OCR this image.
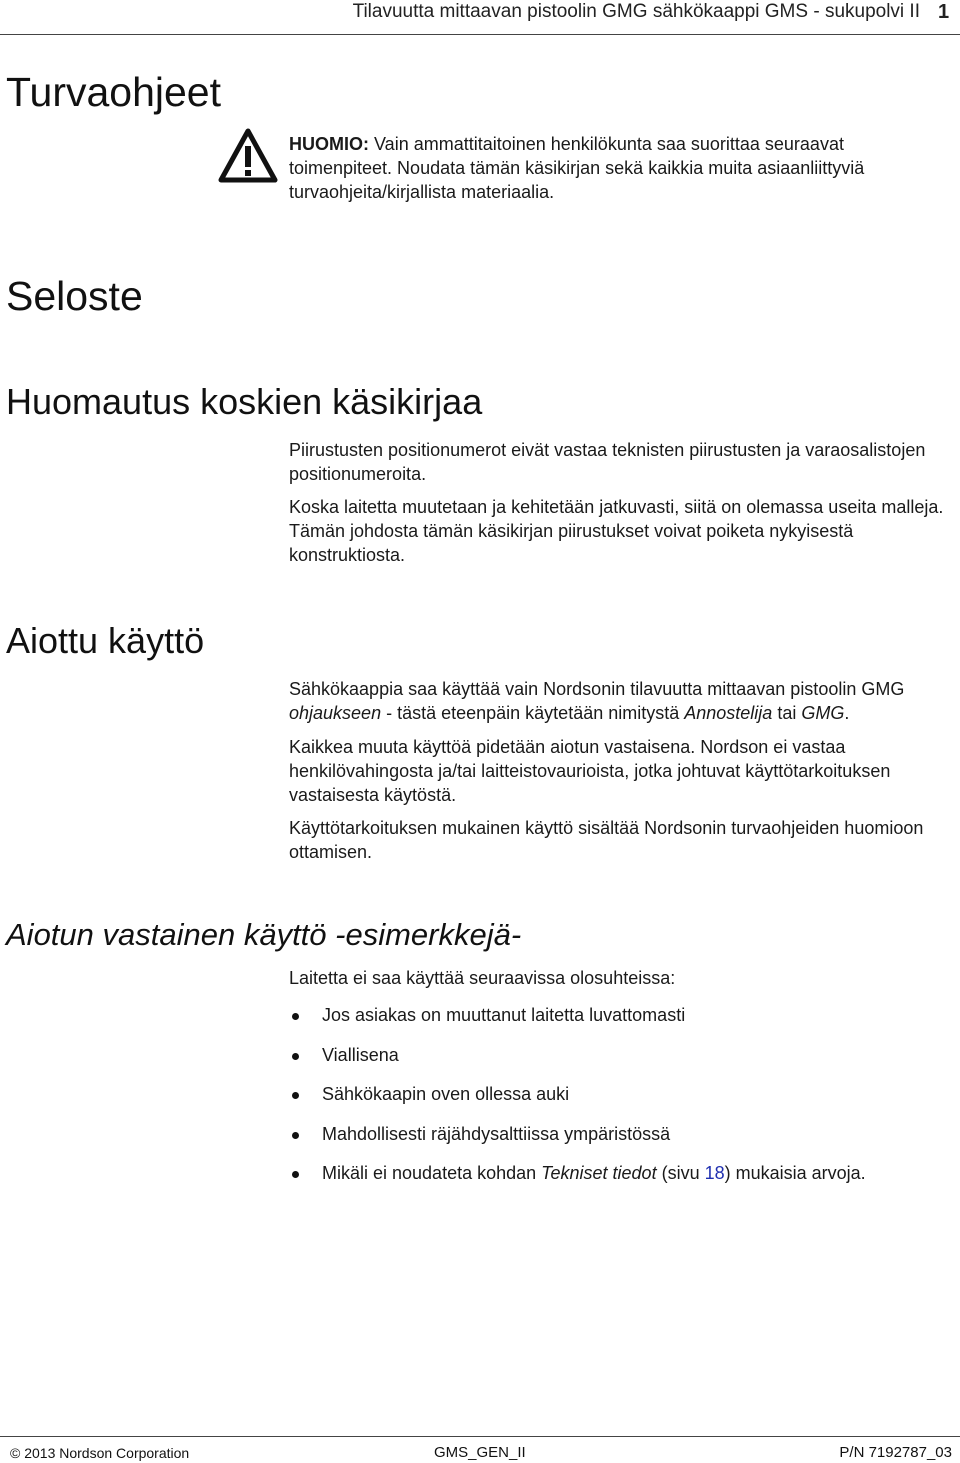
Tilavuutta mittaavan pistoolin GMG sähkökaappi GMS - sukupolvi II 1
Turvaohjeet

HUOMIO: Vain ammattitaitoinen henkilökunta saa suorittaa seuraavat toimenpiteet. Noudata tämän käsikirjan sekä kaikkia muita asiaanliittyviä turvaohjeita/kirjallista materiaalia.

Seloste
Huomautus koskien käsikirjaa
Piirustusten positionumerot eivät vastaa teknisten piirustusten ja varaosalistojen positionumeroita.
Koska laitetta muutetaan ja kehitetään jatkuvasti, siitä on olemassa useita malleja. Tämän johdosta tämän käsikirjan piirustukset voivat poiketa nykyisestä konstruktiosta.
Aiottu käyttö
Sähkökaappia saa käyttää vain Nordsonin tilavuutta mittaavan pistoolin GMG ohjaukseen - tästä eteenpäin käytetään nimitystä Annostelija tai GMG.
Kaikkea muuta käyttöä pidetään aiotun vastaisena. Nordson ei vastaa henkilövahingosta ja/tai laitteistovaurioista, jotka johtuvat käyttötarkoituksen vastaisesta käytöstä.
Käyttötarkoituksen mukainen käyttö sisältää Nordsonin turvaohjeiden huomioon ottamisen.
Aiotun vastainen käyttö -esimerkkejä-
Laitetta ei saa käyttää seuraavissa olosuhteissa:
Jos asiakas on muuttanut laitetta luvattomasti
Viallisena
Sähkökaapin oven ollessa auki
Mahdollisesti räjähdysalttiissa ympäristössä
Mikäli ei noudateta kohdan Tekniset tiedot (sivu 18) mukaisia arvoja.
© 2013 Nordson Corporation	GMS_GEN_II	P/N 7192787_03
